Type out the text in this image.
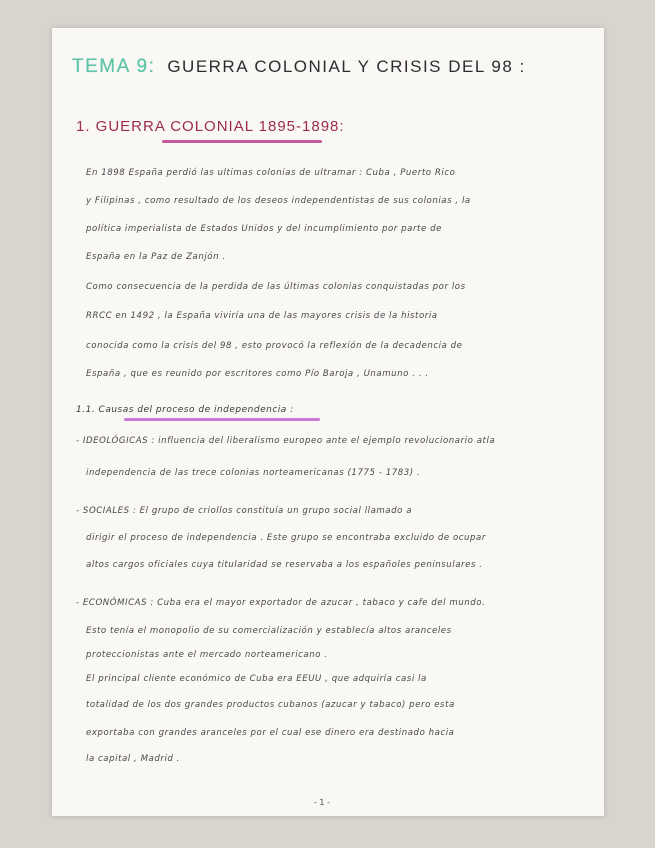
TEMA 9: GUERRA COLONIAL Y CRISIS DEL 98 :
1. GUERRA COLONIAL 1895-1898:
En 1898 España perdió las ultimas colonias de ultramar : Cuba , Puerto Rico
y Filipinas , como resultado de los deseos independentistas de sus colonias , la
política imperialista de Estados Unidos y del incumplimiento por parte de
España en la Paz de Zanjón .
Como consecuencia de la perdida de las últimas colonias conquistadas por los
RRCC en 1492 , la España viviría una de las mayores crisis de la historia
conocida como la crisis del 98 , esto provocó la reflexión de la decadencia de
España , que es reunido por escritores como Pío Baroja , Unamuno . . .
1.1. Causas del proceso de independencia :
- IDEOLÓGICAS : influencia del liberalismo europeo ante el ejemplo revolucionario atla
independencia de las trece colonias norteamericanas (1775 - 1783) .
- SOCIALES : El grupo de criollos constituía un grupo social llamado a
dirigir el proceso de independencia . Este grupo se encontraba excluido de ocupar
altos cargos oficiales cuya titularidad se reservaba a los españoles peninsulares .
- ECONÓMICAS : Cuba era el mayor exportador de azucar , tabaco y cafe del mundo.
Esto tenía el monopolio de su comercialización y establecía altos aranceles
proteccionistas ante el mercado norteamericano .
El principal cliente económico de Cuba era EEUU , que adquiría casi la
totalidad de los dos grandes productos cubanos (azucar y tabaco) pero esta
exportaba con grandes aranceles por el cual ese dinero era destinado hacia
la capital , Madrid .
- 1 -
